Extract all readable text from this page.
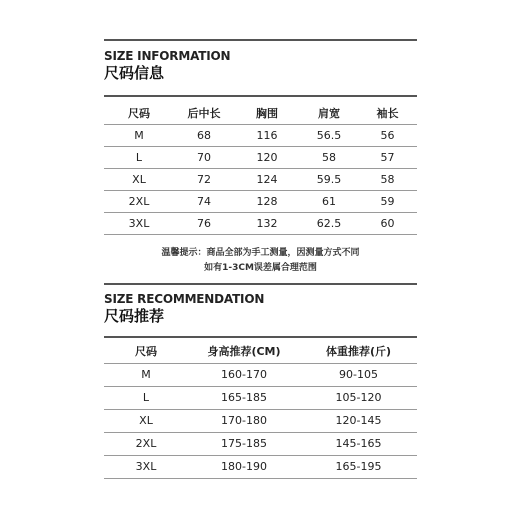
SIZE INFORMATION
尺码信息
尺码	后中长	胸围	肩宽	袖长
M	68	116	56.5	56
L	70	120	58	57
XL	72	124	59.5	58
2XL	74	128	61	59
3XL	76	132	62.5	60
温馨提示：商品全部为手工测量，因测量方式不同
如有1-3CM误差属合理范围
SIZE RECOMMENDATION
尺码推荐
尺码	身高推荐(CM)	体重推荐(斤)
M	160-170	90-105
L	165-185	105-120
XL	170-180	120-145
2XL	175-185	145-165
3XL	180-190	165-195
